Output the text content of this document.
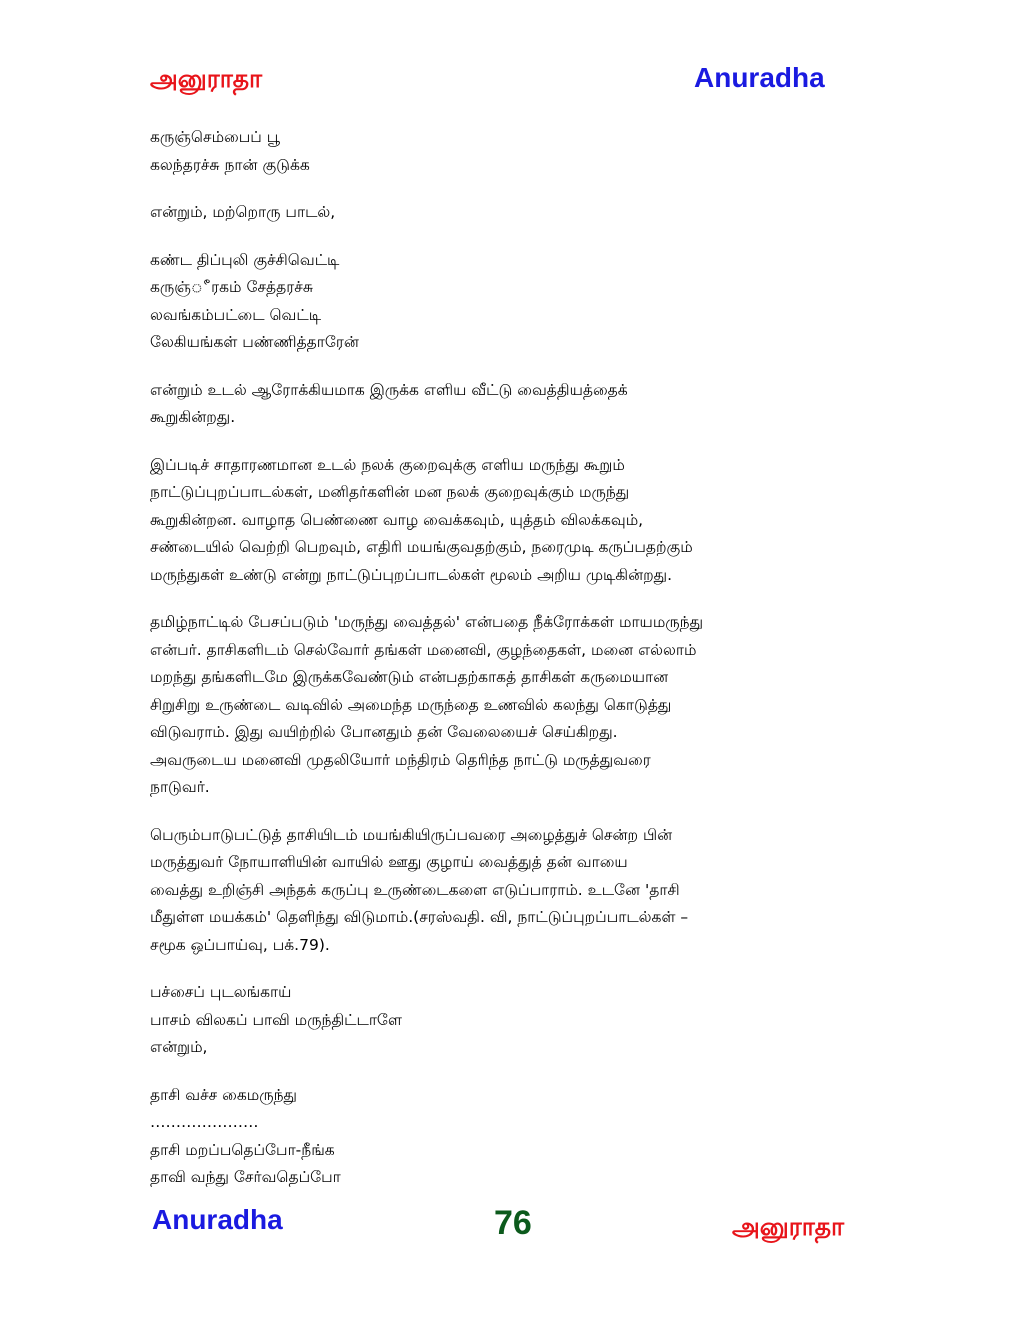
அனுராதா	Anuradha
கருஞ்செம்பைப் பூ
கலந்தரச்சு நான் குடுக்க
என்றும், மற்றொரு பாடல்,
கண்ட திப்புலி குச்சிவெட்டி
கருஞ்ீரகம் சேத்தரச்சு
லவங்கம்பட்டை வெட்டி
லேகியங்கள் பண்ணித்தாரேன்
என்றும் உடல் ஆரோக்கியமாக இருக்க எளிய வீட்டு வைத்தியத்தைக்
கூறுகின்றது.
இப்படிச் சாதாரணமான உடல் நலக் குறைவுக்கு எளிய மருந்து கூறும்
நாட்டுப்புறப்பாடல்கள், மனிதர்களின் மன நலக் குறைவுக்கும் மருந்து
கூறுகின்றன. வாழாத பெண்ணை வாழ வைக்கவும், யுத்தம் விலக்கவும்,
சண்டையில் வெற்றி பெறவும், எதிரி மயங்குவதற்கும், நரைமுடி கருப்பதற்கும்
மருந்துகள் உண்டு என்று நாட்டுப்புறப்பாடல்கள் மூலம் அறிய முடிகின்றது.
தமிழ்நாட்டில் பேசப்படும் 'மருந்து வைத்தல்' என்பதை நீக்ரோக்கள் மாயமருந்து
என்பர். தாசிகளிடம் செல்வோர் தங்கள் மனைவி, குழந்தைகள், மனை எல்லாம்
மறந்து தங்களிடமே இருக்கவேண்டும் என்பதற்காகத் தாசிகள் கருமையான
சிறுசிறு உருண்டை வடிவில் அமைந்த மருந்தை உணவில் கலந்து கொடுத்து
விடுவராம். இது வயிற்றில் போனதும் தன் வேலையைச் செய்கிறது.
அவருடைய மனைவி முதலியோர் மந்திரம் தெரிந்த நாட்டு மருத்துவரை
நாடுவர்.
பெரும்பாடுபட்டுத் தாசியிடம் மயங்கியிருப்பவரை அழைத்துச் சென்ற பின்
மருத்துவர் நோயாளியின் வாயில் ஊது குழாய் வைத்துத் தன் வாயை
வைத்து உறிஞ்சி அந்தக் கருப்பு உருண்டைகளை எடுப்பாராம். உடனே 'தாசி
மீதுள்ள மயக்கம்' தெளிந்து விடுமாம்.(சரஸ்வதி. வி, நாட்டுப்புறப்பாடல்கள் –
சமூக ஒப்பாய்வு, பக்.79).
பச்சைப் புடலங்காய்
பாசம் விலகப் பாவி மருந்திட்டாளே
என்றும்,
தாசி வச்ச கைமருந்து
…………………
தாசி மறப்பதெப்போ-நீங்க
தாவி வந்து சேர்வதெப்போ
Anuradha	76	அனுராதா
